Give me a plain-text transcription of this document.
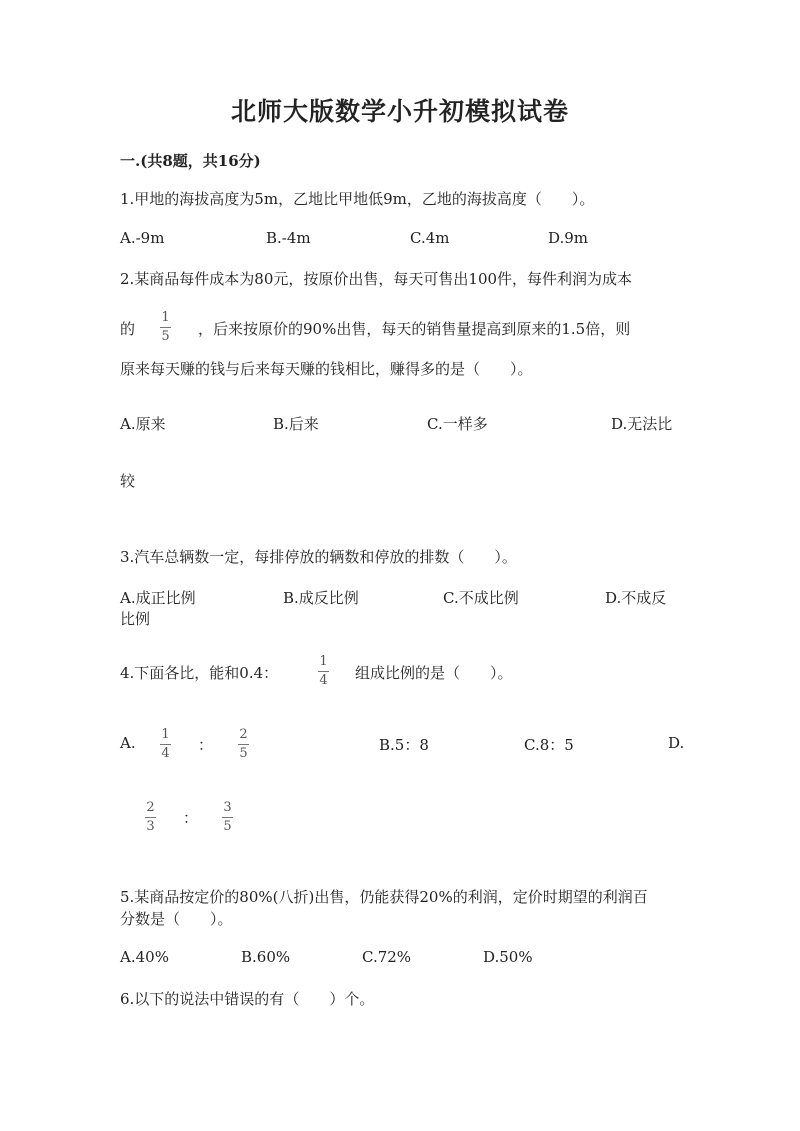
北师大版数学小升初模拟试卷
一.(共8题，共16分)
1.甲地的海拔高度为5m，乙地比甲地低9m，乙地的海拔高度（　　）。
A.-9m	B.-4m	C.4m	D.9m
2.某商品每件成本为80元，按原价出售，每天可售出100件，每件利润为成本
的
1
5 ，后来按原价的90%出售，每天的销售量提高到原来的1.5倍，则
原来每天赚的钱与后来每天赚的钱相比，赚得多的是（　　）。
A.原来	B.后来	C.一样多	D.无法比
较
3.汽车总辆数一定，每排停放的辆数和停放的排数（　　）。
A.成正比例	B.成反比例	C.不成比例	D.不成反
比例
4.下面各比，能和0.4：
1
4 组成比例的是（　　）。
A. 1
4 ：
2
5	B.5：8	C.8：5	D.
2
3 ：
3
5
5.某商品按定价的80%(八折)出售，仍能获得20%的利润，定价时期望的利润百
分数是（　　）。
A.40%	B.60%	C.72%	D.50%
6.以下的说法中错误的有（　　）个。
